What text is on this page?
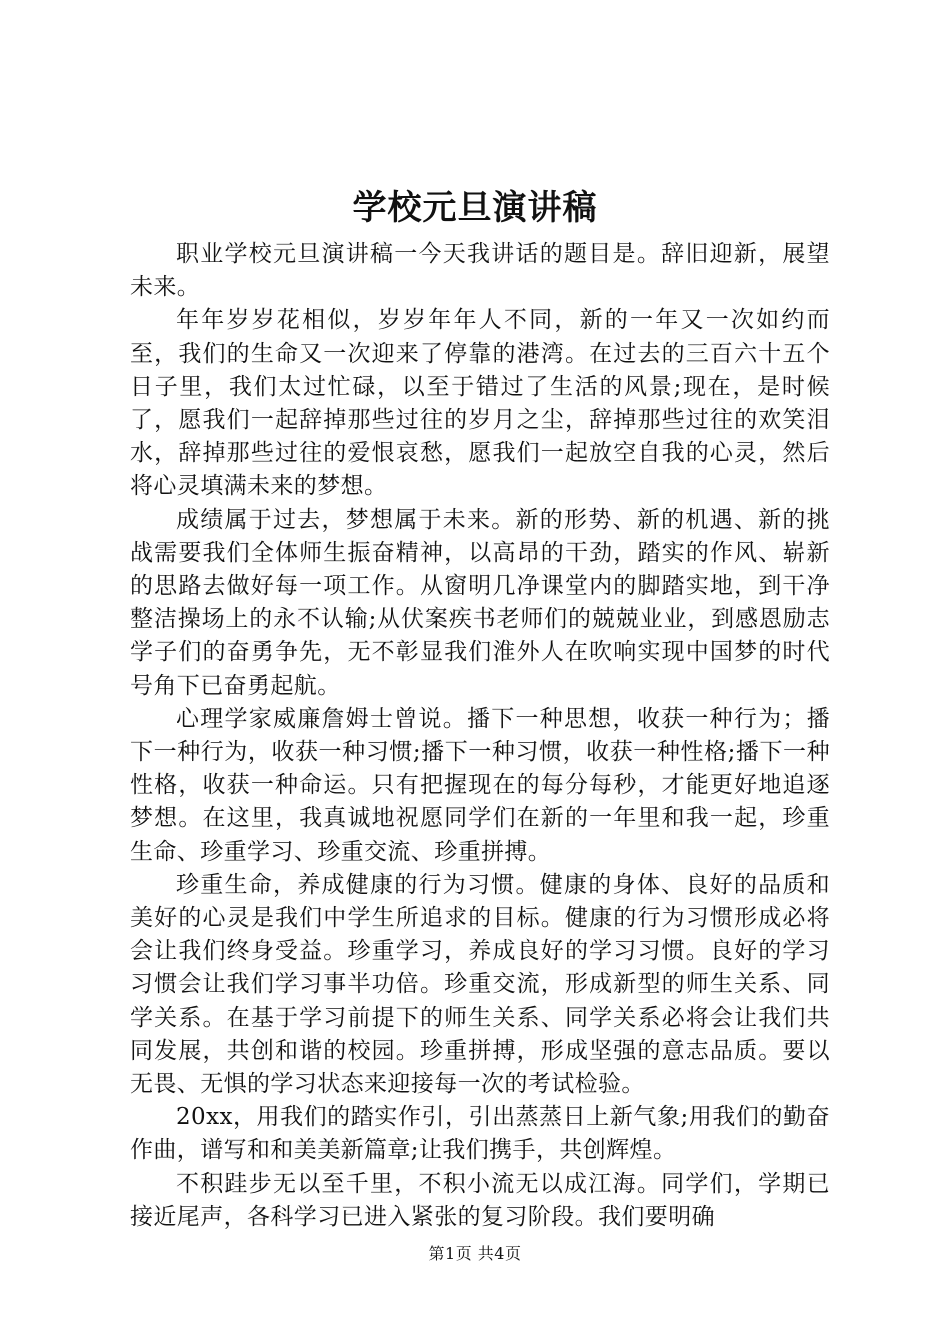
学校元旦演讲稿

职业学校元旦演讲稿一今天我讲话的题目是。辞旧迎新，展望未来。

年年岁岁花相似，岁岁年年人不同，新的一年又一次如约而至，我们的生命又一次迎来了停靠的港湾。在过去的三百六十五个日子里，我们太过忙碌，以至于错过了生活的风景;现在，是时候了，愿我们一起辞掉那些过往的岁月之尘，辞掉那些过往的欢笑泪水，辞掉那些过往的爱恨哀愁，愿我们一起放空自我的心灵，然后将心灵填满未来的梦想。

成绩属于过去，梦想属于未来。新的形势、新的机遇、新的挑战需要我们全体师生振奋精神，以高昂的干劲，踏实的作风、崭新的思路去做好每一项工作。从窗明几净课堂内的脚踏实地，到干净整洁操场上的永不认输;从伏案疾书老师们的兢兢业业，到感恩励志学子们的奋勇争先，无不彰显我们淮外人在吹响实现中国梦的时代号角下已奋勇起航。

心理学家威廉詹姆士曾说。播下一种思想，收获一种行为；播下一种行为，收获一种习惯;播下一种习惯，收获一种性格;播下一种性格，收获一种命运。只有把握现在的每分每秒，才能更好地追逐梦想。在这里，我真诚地祝愿同学们在新的一年里和我一起，珍重生命、珍重学习、珍重交流、珍重拼搏。

珍重生命，养成健康的行为习惯。健康的身体、良好的品质和美好的心灵是我们中学生所追求的目标。健康的行为习惯形成必将会让我们终身受益。珍重学习，养成良好的学习习惯。良好的学习习惯会让我们学习事半功倍。珍重交流，形成新型的师生关系、同学关系。在基于学习前提下的师生关系、同学关系必将会让我们共同发展，共创和谐的校园。珍重拼搏，形成坚强的意志品质。要以无畏、无惧的学习状态来迎接每一次的考试检验。

20xx，用我们的踏实作引，引出蒸蒸日上新气象;用我们的勤奋作曲，谱写和和美美新篇章;让我们携手，共创辉煌。

不积跬步无以至千里，不积小流无以成江海。同学们，学期已接近尾声，各科学习已进入紧张的复习阶段。我们要明确

第1页 共4页
